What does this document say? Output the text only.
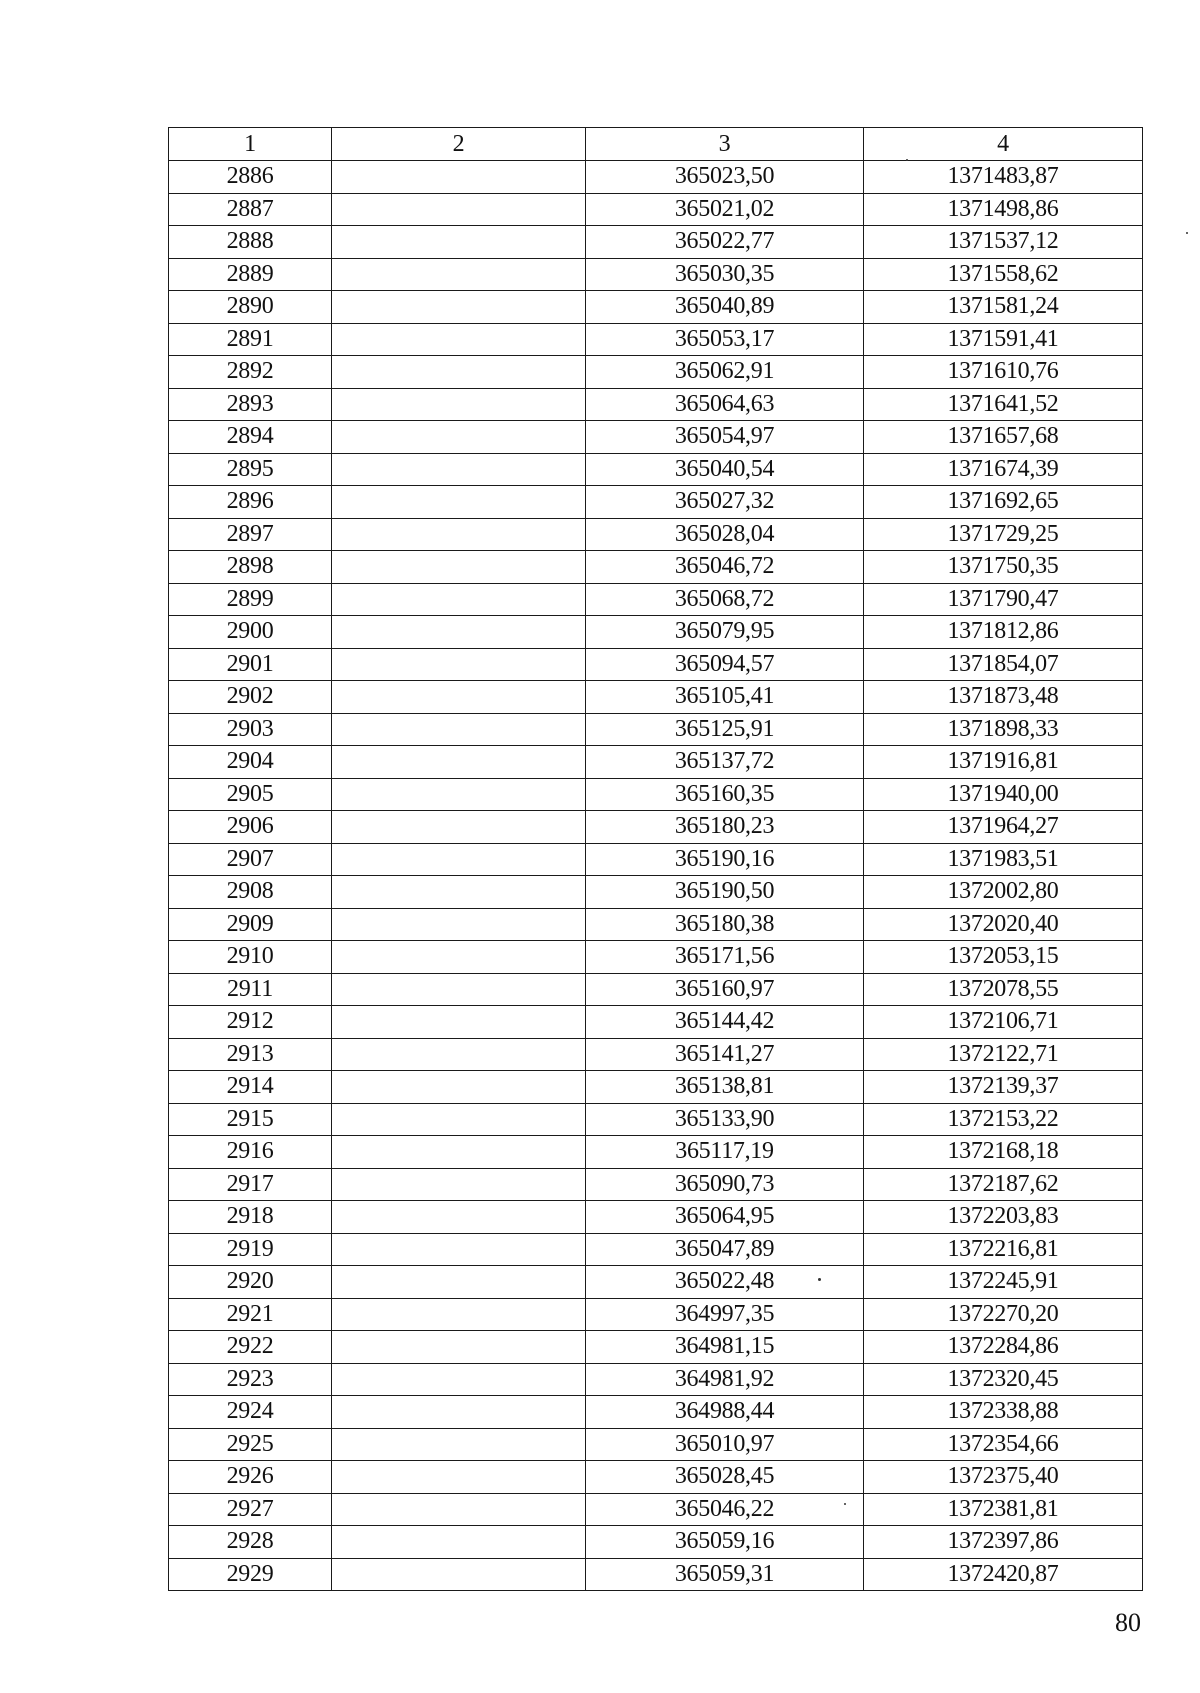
1	2	3	4
2886		365023,50	1371483,87
2887		365021,02	1371498,86
2888		365022,77	1371537,12
2889		365030,35	1371558,62
2890		365040,89	1371581,24
2891		365053,17	1371591,41
2892		365062,91	1371610,76
2893		365064,63	1371641,52
2894		365054,97	1371657,68
2895		365040,54	1371674,39
2896		365027,32	1371692,65
2897		365028,04	1371729,25
2898		365046,72	1371750,35
2899		365068,72	1371790,47
2900		365079,95	1371812,86
2901		365094,57	1371854,07
2902		365105,41	1371873,48
2903		365125,91	1371898,33
2904		365137,72	1371916,81
2905		365160,35	1371940,00
2906		365180,23	1371964,27
2907		365190,16	1371983,51
2908		365190,50	1372002,80
2909		365180,38	1372020,40
2910		365171,56	1372053,15
2911		365160,97	1372078,55
2912		365144,42	1372106,71
2913		365141,27	1372122,71
2914		365138,81	1372139,37
2915		365133,90	1372153,22
2916		365117,19	1372168,18
2917		365090,73	1372187,62
2918		365064,95	1372203,83
2919		365047,89	1372216,81
2920		365022,48	1372245,91
2921		364997,35	1372270,20
2922		364981,15	1372284,86
2923		364981,92	1372320,45
2924		364988,44	1372338,88
2925		365010,97	1372354,66
2926		365028,45	1372375,40
2927		365046,22	1372381,81
2928		365059,16	1372397,86
2929		365059,31	1372420,87
80
